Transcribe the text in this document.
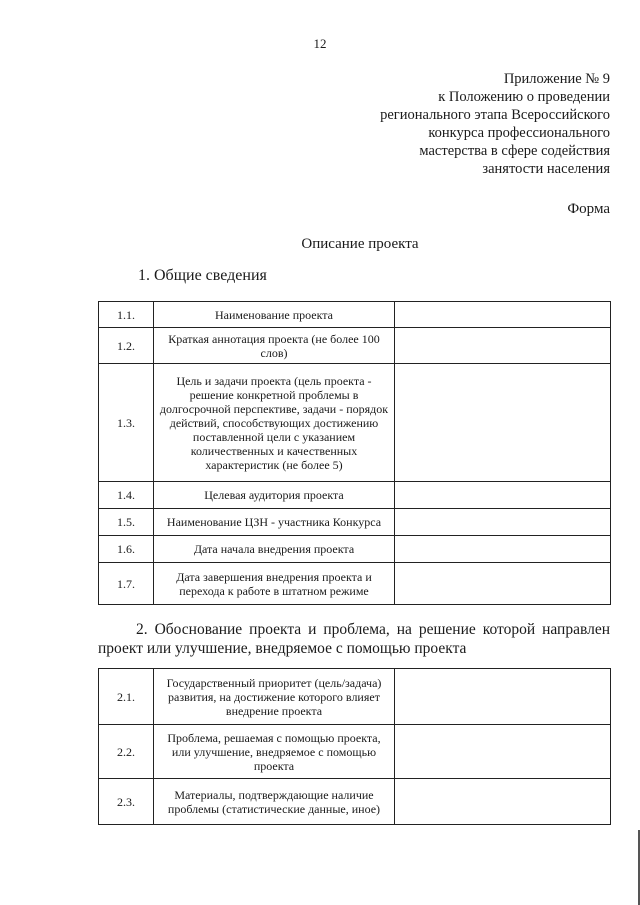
12
Приложение № 9
к Положению о проведении
регионального этапа Всероссийского
конкурса профессионального
мастерства в сфере содействия
занятости населения
Форма
Описание проекта
1. Общие сведения
1.1.	Наименование проекта	
1.2.	Краткая аннотация проекта (не более 100 слов)	
1.3.	Цель и задачи проекта (цель проекта - решение конкретной проблемы в долгосрочной перспективе, задачи - порядок действий, способствующих достижению поставленной цели с указанием количественных и качественных характеристик (не более 5)	
1.4.	Целевая аудитория проекта	
1.5.	Наименование ЦЗН - участника Конкурса	
1.6.	Дата начала внедрения проекта	
1.7.	Дата завершения внедрения проекта и перехода к работе в штатном режиме	
2. Обоснование проекта и проблема, на решение которой направлен проект или улучшение, внедряемое с помощью проекта
2.1.	Государственный приоритет (цель/задача) развития, на достижение которого влияет внедрение проекта	
2.2.	Проблема, решаемая с помощью проекта, или улучшение, внедряемое с помощью проекта	
2.3.	Материалы, подтверждающие наличие проблемы (статистические данные, иное)	
